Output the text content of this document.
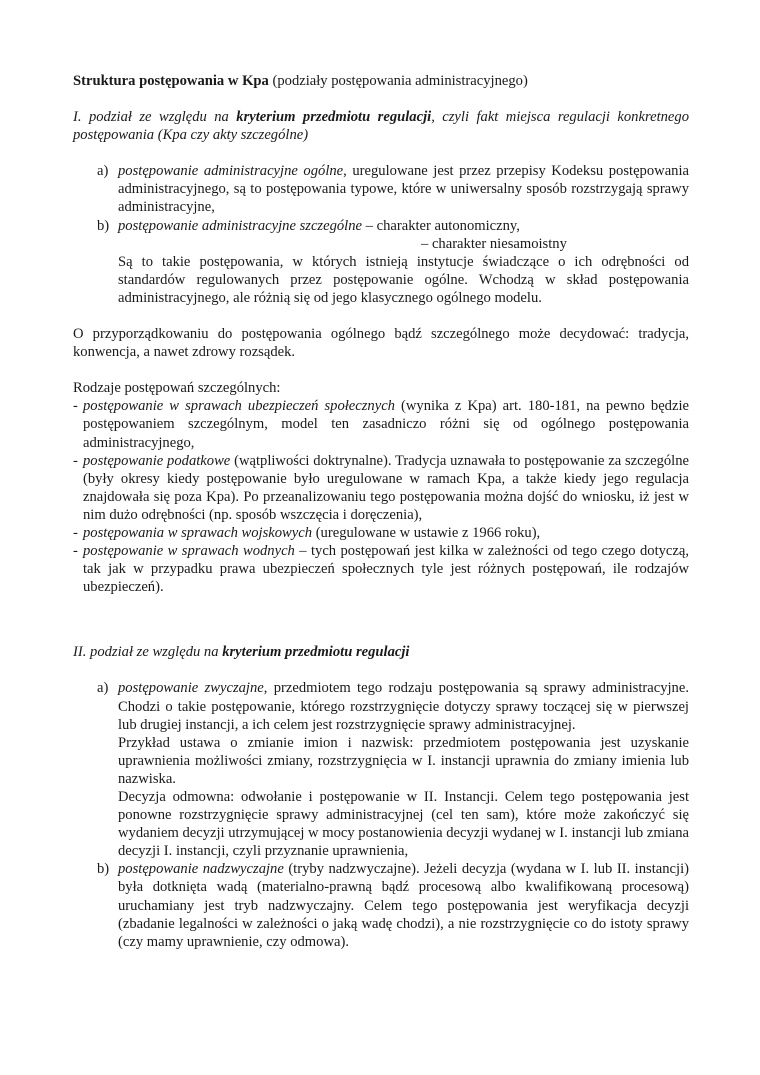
Struktura postępowania w Kpa (podziały postępowania administracyjnego)

I. podział ze względu na kryterium przedmiotu regulacji, czyli fakt miejsca regulacji konkretnego postępowania (Kpa czy akty szczególne)

a) postępowanie administracyjne ogólne, uregulowane jest przez przepisy Kodeksu postępowania administracyjnego, są to postępowania typowe, które w uniwersalny sposób rozstrzygają sprawy administracyjne,

b) postępowanie administracyjne szczególne – charakter autonomiczny,

– charakter niesamoistny

Są to takie postępowania, w których istnieją instytucje świadczące o ich odrębności od standardów regulowanych przez postępowanie ogólne. Wchodzą w skład postępowania administracyjnego, ale różnią się od jego klasycznego ogólnego modelu.

O przyporządkowaniu do postępowania ogólnego bądź szczególnego może decydować: tradycja, konwencja, a nawet zdrowy rozsądek.

Rodzaje postępowań szczególnych:

- postępowanie w sprawach ubezpieczeń społecznych (wynika z Kpa) art. 180-181, na pewno będzie postępowaniem szczególnym, model ten zasadniczo różni się od ogólnego postępowania administracyjnego,

- postępowanie podatkowe (wątpliwości doktrynalne). Tradycja uznawała to postępowanie za szczególne (były okresy kiedy postępowanie było uregulowane w ramach Kpa, a także kiedy jego regulacja znajdowała się poza Kpa). Po przeanalizowaniu tego postępowania można dojść do wniosku, iż jest w nim dużo odrębności (np. sposób wszczęcia i doręczenia),

- postępowania w sprawach wojskowych (uregulowane w ustawie z 1966 roku),

- postępowanie w sprawach wodnych – tych postępowań jest kilka w zależności od tego czego dotyczą, tak jak w przypadku prawa ubezpieczeń społecznych tyle jest różnych postępowań, ile rodzajów ubezpieczeń).

II. podział ze względu na kryterium przedmiotu regulacji

a) postępowanie zwyczajne, przedmiotem tego rodzaju postępowania są sprawy administracyjne. Chodzi o takie postępowanie, którego rozstrzygnięcie dotyczy sprawy toczącej się w pierwszej lub drugiej instancji, a ich celem jest rozstrzygnięcie sprawy administracyjnej.

Przykład ustawa o zmianie imion i nazwisk: przedmiotem postępowania jest uzyskanie uprawnienia możliwości zmiany, rozstrzygnięcia w I. instancji uprawnia do zmiany imienia lub nazwiska.

Decyzja odmowna: odwołanie i postępowanie w II. Instancji. Celem tego postępowania jest ponowne rozstrzygnięcie sprawy administracyjnej (cel ten sam), które może zakończyć się wydaniem decyzji utrzymującej w mocy postanowienia decyzji wydanej w I. instancji lub zmiana decyzji I. instancji, czyli przyznanie uprawnienia,

b) postępowanie nadzwyczajne (tryby nadzwyczajne). Jeżeli decyzja (wydana w I. lub II. instancji) była dotknięta wadą (materialno-prawną bądź procesową albo kwalifikowaną procesową) uruchamiany jest tryb nadzwyczajny. Celem tego postępowania jest weryfikacja decyzji (zbadanie legalności w zależności o jaką wadę chodzi), a nie rozstrzygnięcie co do istoty sprawy (czy mamy uprawnienie, czy odmowa).
